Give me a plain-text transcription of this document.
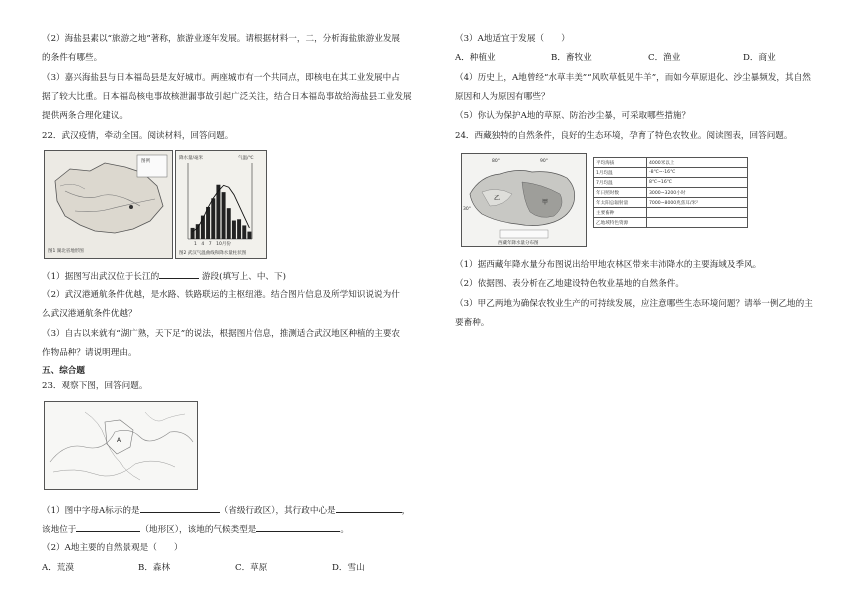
（2）海盐县素以“旅游之地”著称，旅游业逐年发展。请根据材料一，二，分析海盐旅游业发展
的条件有哪些。
（3）嘉兴海盐县与日本福岛县是友好城市。两座城市有一个共同点，即核电在其工业发展中占
据了较大比重。日本福岛核电事故核泄漏事故引起广泛关注，结合日本福岛事故给海盐县工业发展
提供两条合理化建议。
22．武汉疫情，牵动全国。阅读材料，回答问题。
图例
图1 湖北省地形图
降水量/毫米	气温/℃
1　4　7　10月份
图2 武汉气温曲线和降水量柱状图
（1）据图写出武汉位于长江的	游段(填写上、中、下)
（2）武汉港通航条件优越，是水路、铁路联运的主枢纽港。结合图片信息及所学知识说说为什
么武汉港通航条件优越？
（3）自古以来就有“湖广熟，天下足”的说法，根据图片信息，推测适合武汉地区种植的主要农
作物品种？请说明理由。
五、综合题
23．观察下图，回答问题。
A
（1）图中字母A标示的是	（省级行政区），其行政中心是	，
该地位于	（地形区），该地的气候类型是	。
（2）A地主要的自然景观是（　　）
A．荒漠	B．森林	C．草原	D．雪山
（3）A地适宜于发展（　　）
A．种植业	B．畜牧业	C．渔业	D．商业
（4）历史上，A地曾经“水草丰美”“风吹草低见牛羊”，而如今草原退化、沙尘暴频发，其自然
原因和人为原因有哪些？
（5）你认为保护A地的草原、防治沙尘暴，可采取哪些措施？
24．西藏独特的自然条件，良好的生态环境，孕育了特色农牧业。阅读图表，回答问题。
甲
乙
80°	90°
30°
西藏年降水量分布图
平均海拔	4000米以上
1月均温	-8℃~-16℃
7月均温	8℃~16℃
年日照时数	3000~3200小时
年太阳总辐射量	7000~8000兆焦耳/米²
主要畜种	
乙地域特色资源	
（1）据西藏年降水量分布图说出给甲地农林区带来丰沛降水的主要海域及季风。
（2）依据图、表分析在乙地建设特色牧业基地的自然条件。
（3）甲乙两地为确保农牧业生产的可持续发展，应注意哪些生态环境问题？请举一例乙地的主
要畜种。
